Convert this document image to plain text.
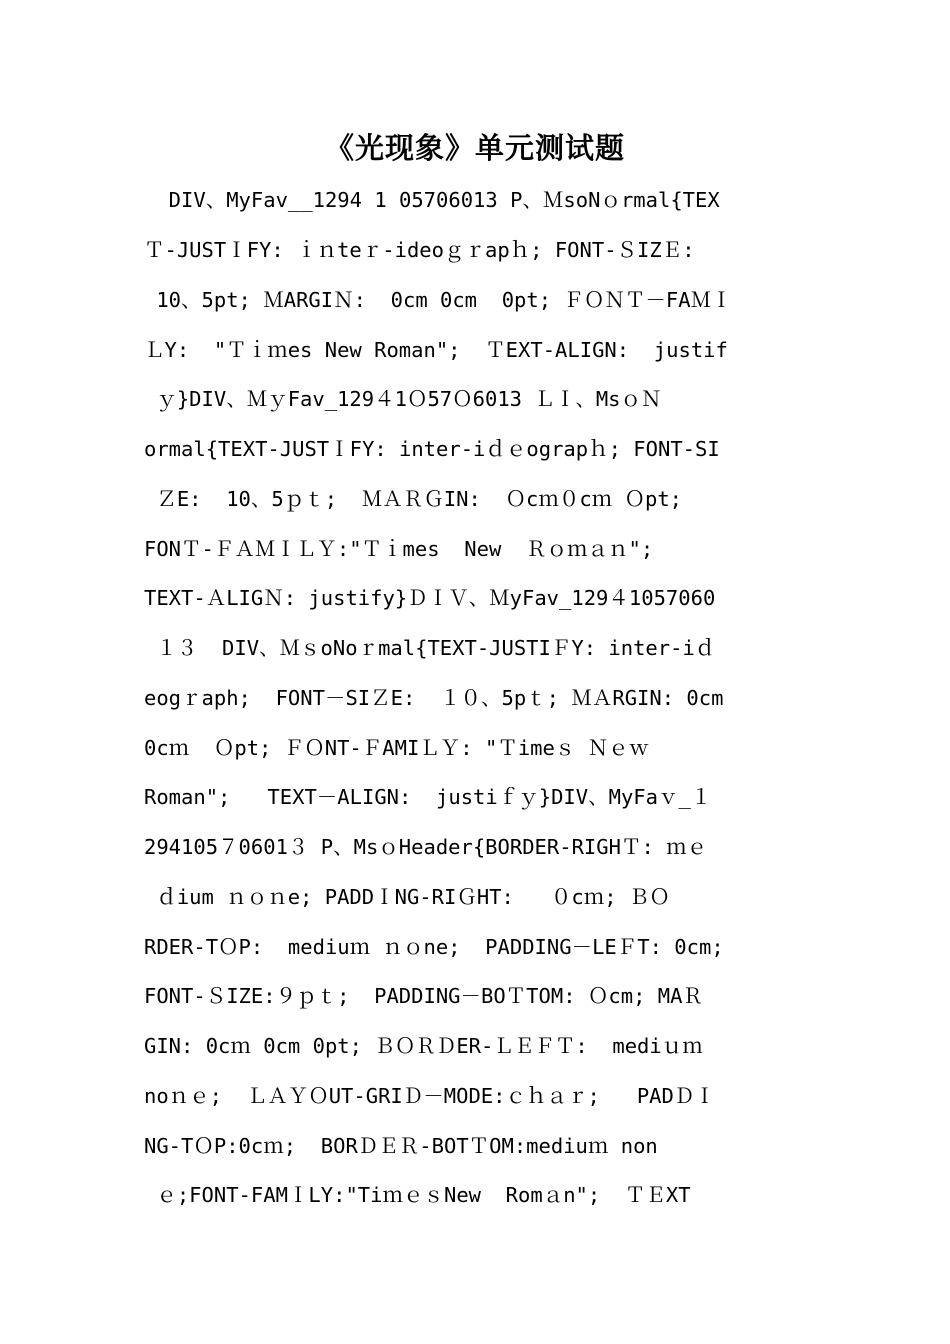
《光现象》单元测试题
DIV、MyFav__1294 1 05706013 P、ＭsoNｏrmal{TEX
Ｔ-JUSTＩFY: ｉｎteｒ-ideoｇｒapｈ; FONT-ＳIZＥ:
10、5pt; ＭARGIＮ:  0cm 0cm  0pt; ＦＯＮＴ－FAＭＩ
ＬY:  "Ｔｉｍes New Roman";  ＴEXT-ALIGN:  justif
ｙ}DIV、ＭｙFav_129４1Ｏ57Ｏ6013 ＬＩ、MsｏＮ
ormal{TEXT-JUSTＩFY: inter-iｄｅograpｈ; FONT-SI
ＺE:  10、5ｐｔ;  ＭＡＲＧIN:  Ｏcｍ０cｍ Ｏpt;
FONＴ-ＦＡＭＩＬＹ:"Ｔｉmes  New  Ｒｏｍａｎ";
TEXT-ＡLIGＮ: justify}ＤＩＶ、ＭyFav_129４1057060
１３  DIV、ＭｓoNoｒmal{TEXT-JUSTIＦY: inter-iｄ
eogｒaph;  FONT－SIＺE:  １０、5pｔ; ＭＡRGIN: 0cm
0cｍ  Ｏpt; ＦＯNT-ＦAMIＬＹ: "Ｔimeｓ Ｎｅｗ
Roman";   TEXT－ALIGN:  justiｆｙ}DIV、MyFaｖ_１
294105７0601３ P、MsｏHeader{BORDER-RIGHＴ: ｍｅ
ｄium ｎｏｎe; PADDＩNG-RIＧHT:   ０cｍ; ＢＯ
RDER-TＯP:  mediuｍ ｎｏne;  PADDING－LEＦT: 0cm;
FONT-ＳIZE:９ｐｔ;  PADDING－BOＴTOM: Ｏcm; MAＲ
GIN: 0cｍ 0cm 0pt; ＢＯＲＤER-ＬＥＦＴ:  mediｕｍ
noｎｅ;  ＬＡＹＯUT-GRIＤ－MODE:ｃｈａｒ;   PADＤＩ
NG-TＯP:0cｍ;  BORＤＥＲ-BOTＴOM:mediuｍ non
ｅ;FONT-FAMＩLY:"TiｍｅｓNew  Romａn";  ＴＥXT
